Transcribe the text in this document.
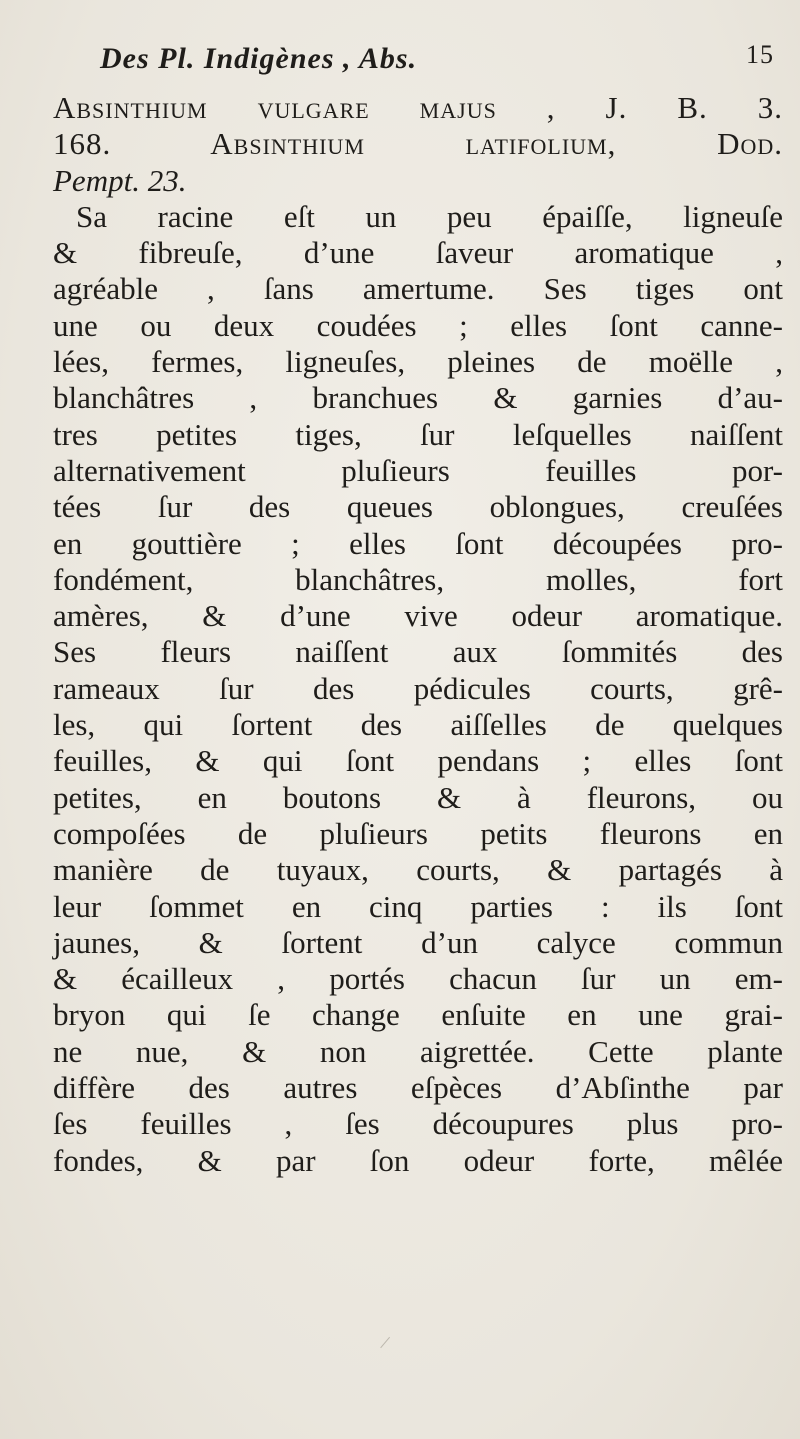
Des Pl. Indigènes , Abs.	15
Absinthium vulgare majus , J. B. 3.
168. Absinthium latifolium, Dod.
Pempt. 23.
Sa racine eſt un peu épaiſſe, ligneuſe
& fibreuſe, d’une ſaveur aromatique ,
agréable , ſans amertume. Ses tiges ont
une ou deux coudées ; elles ſont canne-
lées, fermes, ligneuſes, pleines de moëlle ,
blanchâtres , branchues & garnies d’au-
tres petites tiges, ſur leſquelles naiſſent
alternativement pluſieurs feuilles por-
tées ſur des queues oblongues, creuſées
en gouttière ; elles ſont découpées pro-
fondément, blanchâtres, molles, fort
amères, & d’une vive odeur aromatique.
Ses fleurs naiſſent aux ſommités des
rameaux ſur des pédicules courts, grê-
les, qui ſortent des aiſſelles de quelques
feuilles, & qui ſont pendans ; elles ſont
petites, en boutons & à fleurons, ou
compoſées de pluſieurs petits fleurons en
manière de tuyaux, courts, & partagés à
leur ſommet en cinq parties : ils ſont
jaunes, & ſortent d’un calyce commun
& écailleux , portés chacun ſur un em-
bryon qui ſe change enſuite en une grai-
ne nue, & non aigrettée. Cette plante
diffère des autres eſpèces d’Abſinthe par
ſes feuilles , ſes découpures plus pro-
fondes, & par ſon odeur forte, mêlée
